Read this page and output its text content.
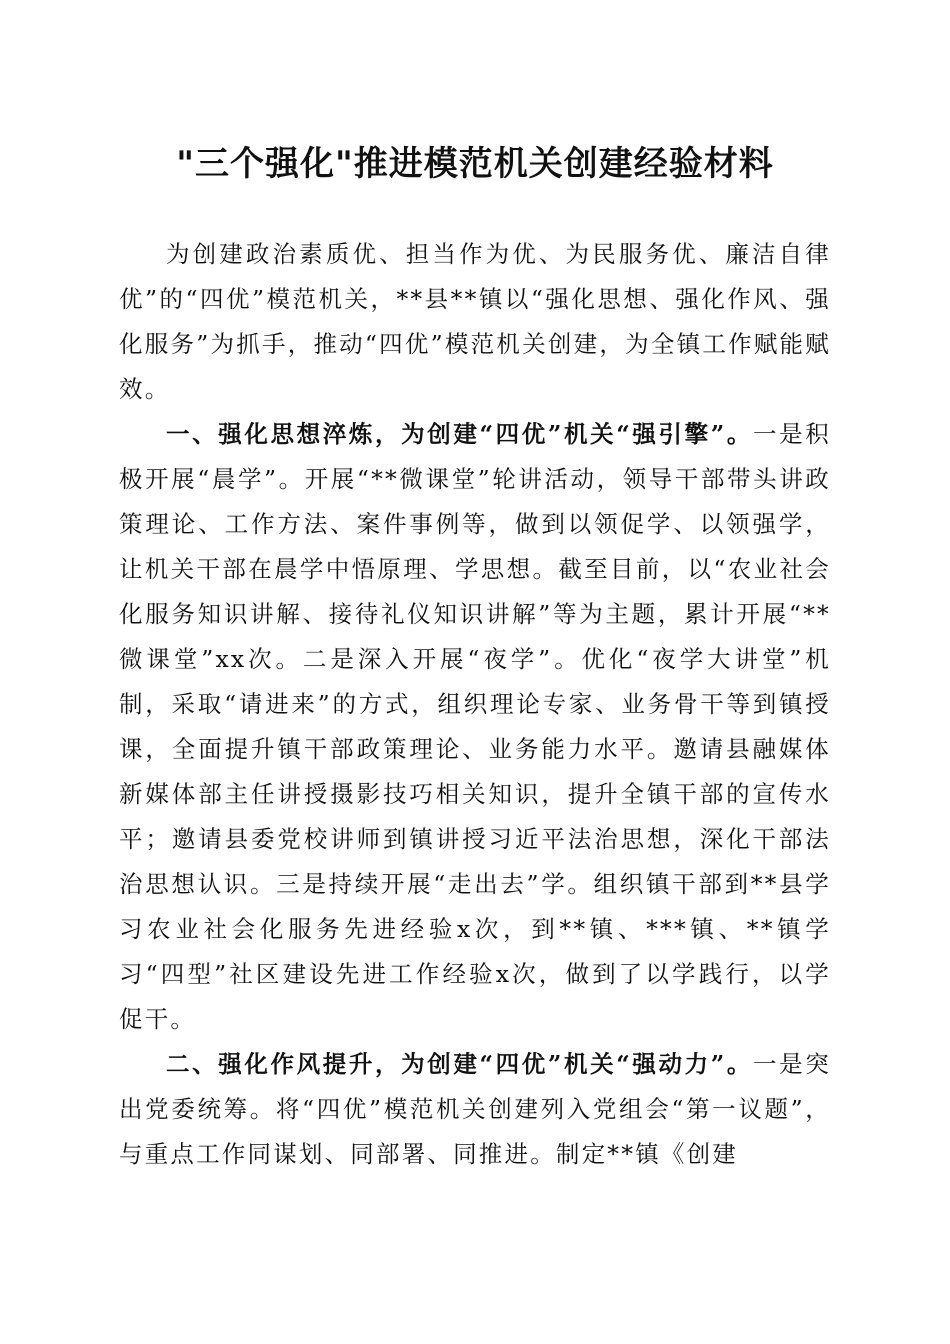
"三个强化"推进模范机关创建经验材料

为创建政治素质优、担当作为优、为民服务优、廉洁自律优”的“四优”模范机关，**县**镇以“强化思想、强化作风、强化服务”为抓手，推动“四优”模范机关创建，为全镇工作赋能赋效。

一、强化思想淬炼，为创建“四优”机关“强引擎”。一是积极开展“晨学”。开展“**微课堂”轮讲活动，领导干部带头讲政策理论、工作方法、案件事例等，做到以领促学、以领强学，让机关干部在晨学中悟原理、学思想。截至目前，以“农业社会化服务知识讲解、接待礼仪知识讲解”等为主题，累计开展“**微课堂”xx次。二是深入开展“夜学”。优化“夜学大讲堂”机制，采取“请进来”的方式，组织理论专家、业务骨干等到镇授课，全面提升镇干部政策理论、业务能力水平。邀请县融媒体新媒体部主任讲授摄影技巧相关知识，提升全镇干部的宣传水平；邀请县委党校讲师到镇讲授习近平法治思想，深化干部法治思想认识。三是持续开展“走出去”学。组织镇干部到**县学习农业社会化服务先进经验x次，到**镇、***镇、**镇学习“四型”社区建设先进工作经验x次，做到了以学践行，以学促干。

二、强化作风提升，为创建“四优”机关“强动力”。一是突出党委统筹。将“四优”模范机关创建列入党组会“第一议题”，与重点工作同谋划、同部署、同推进。制定**镇《创建
